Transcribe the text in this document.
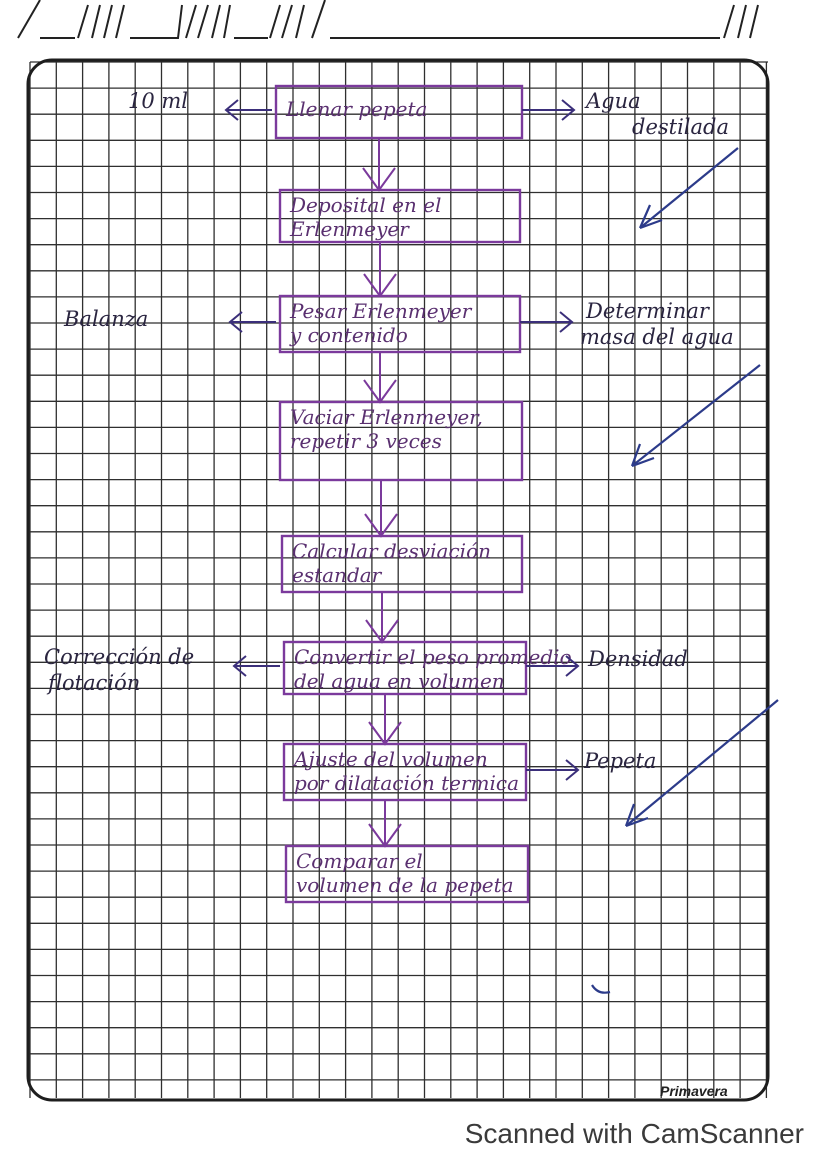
Llenar pepeta
Deposital en el
Erlenmeyer
Pesar Erlenmeyer
y contenido
Vaciar Erlenmeyer,
repetir 3 veces
Calcular desviación
estandar
Convertir el peso promedio
del agua en volumen
Ajuste del volumen
por dilatación termica
Comparar el
volumen de la pepeta
10 ml
Balanza
Corrección de
flotación
Agua
destilada
Determinar
masa del agua
Densidad
Pepeta
Primavera
Scanned with CamScanner
